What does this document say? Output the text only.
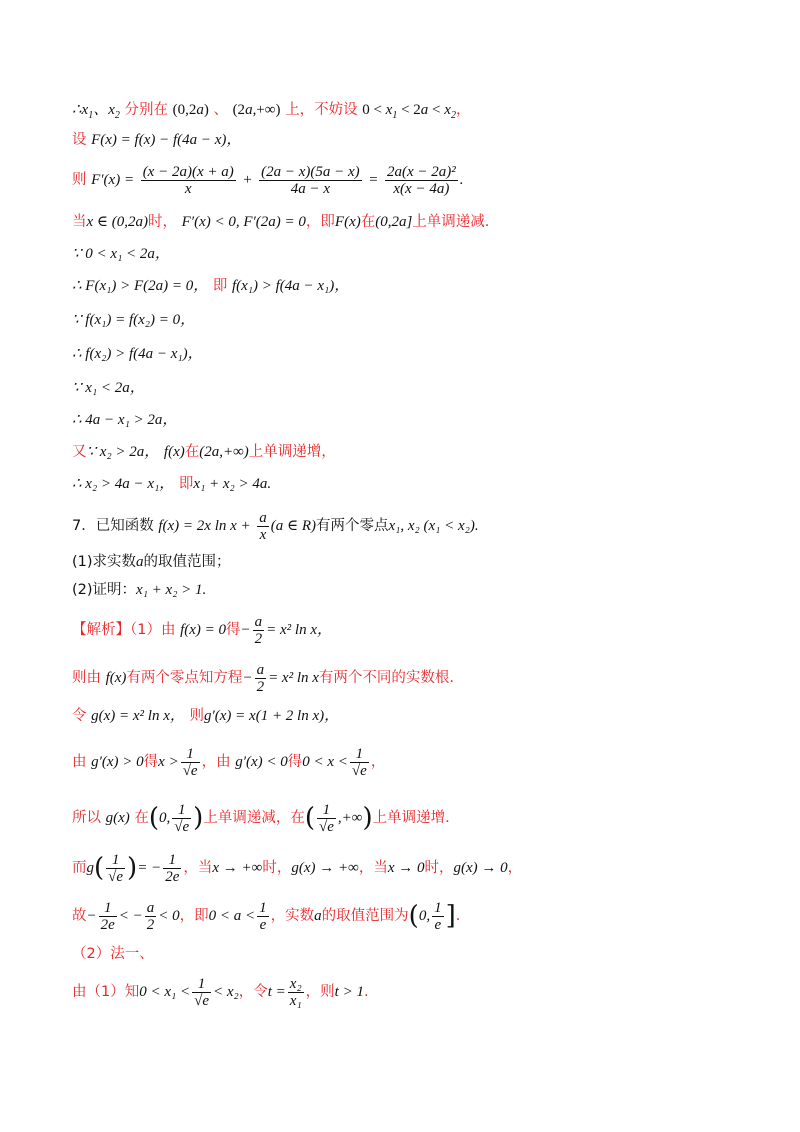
$\therefore x_1$、$x_2$ 分别在 (0,2a) 、 (2a,+∞) 上，不妨设 $0 < x_1 < 2a < x_2$，
设 F(x) = f(x) − f(4a − x)，
则 $F'(x) = \frac{(x - 2a)(x + a)}{x} + \frac{(2a - x)(5a - x)}{4a - x} = \frac{\text{2a(x − 2a)²}}{x(x - 4a)}$ .
当x ∈ (0,2a)时， F′(x) < 0, F′(2a) = 0，即F(x)在(0,2a]上单调递减.
∵ 0 < x₁ < 2a，
∴ F(x₁) > F(2a) = 0， 即 f(x₁) > f(4a − x₁)，
∵ f(x₁) = f(x₂) = 0，
∴ f(x₂) > f(4a − x₁)，
∵ x₁ < 2a，
∴ 4a − x₁ > 2a，
又∵ x₂ > 2a， f(x)在(2a,+∞)上单调递增，
∴ x₂ > 4a − x₁， 即x₁ + x₂ > 4a.
7．已知函数 f(x) = 2x $\ln x + \frac{a}{x} (a$ ∈ R)有两个零点x₁, x₂ (x₁ < x₂).
(1)求实数a的取值范围；
(2)证明：x₁ + x₂ > 1.
【解析】（1）由 f(x) = 0得− $\frac{a}{2} = x^2$ ln x，
则由 f(x)有两个零点知方程− $\frac{a}{2} = x^2$ ln x有两个不同的实数根.
令 g(x) = x² ln x， 则g′(x) = x(1 + 2 ln x)，
由 g′(x) > 0得$x > \frac{1}{√e}$ ，由 g′(x) < 0得$0 < x < \frac{1}{√e}$ ，
所以 g(x) 在(0, $\frac{1}{√e}$ )上单调递减，在( $\frac{1}{√e}$ ,+∞)上单调递增.
而$g( \frac{1}{√e}$ )= − $\frac{1}{2e}$ ，当x → +∞时，g(x) → +∞，当x → 0时，g(x) → 0，
故− $\frac{1}{2e}$ < − $\frac{a}{2} < 0$，即$0 < a < \frac{1}{e}$ ，实数a的取值范围为(0, $\frac{1}{e}$ ].
（2）法一、
由（1）知$0 < x_1 < \frac{1}{√e} < x_2$，令$t = \frac{\text{x₂}}{\text{x₁}}$ ，则t > 1.
